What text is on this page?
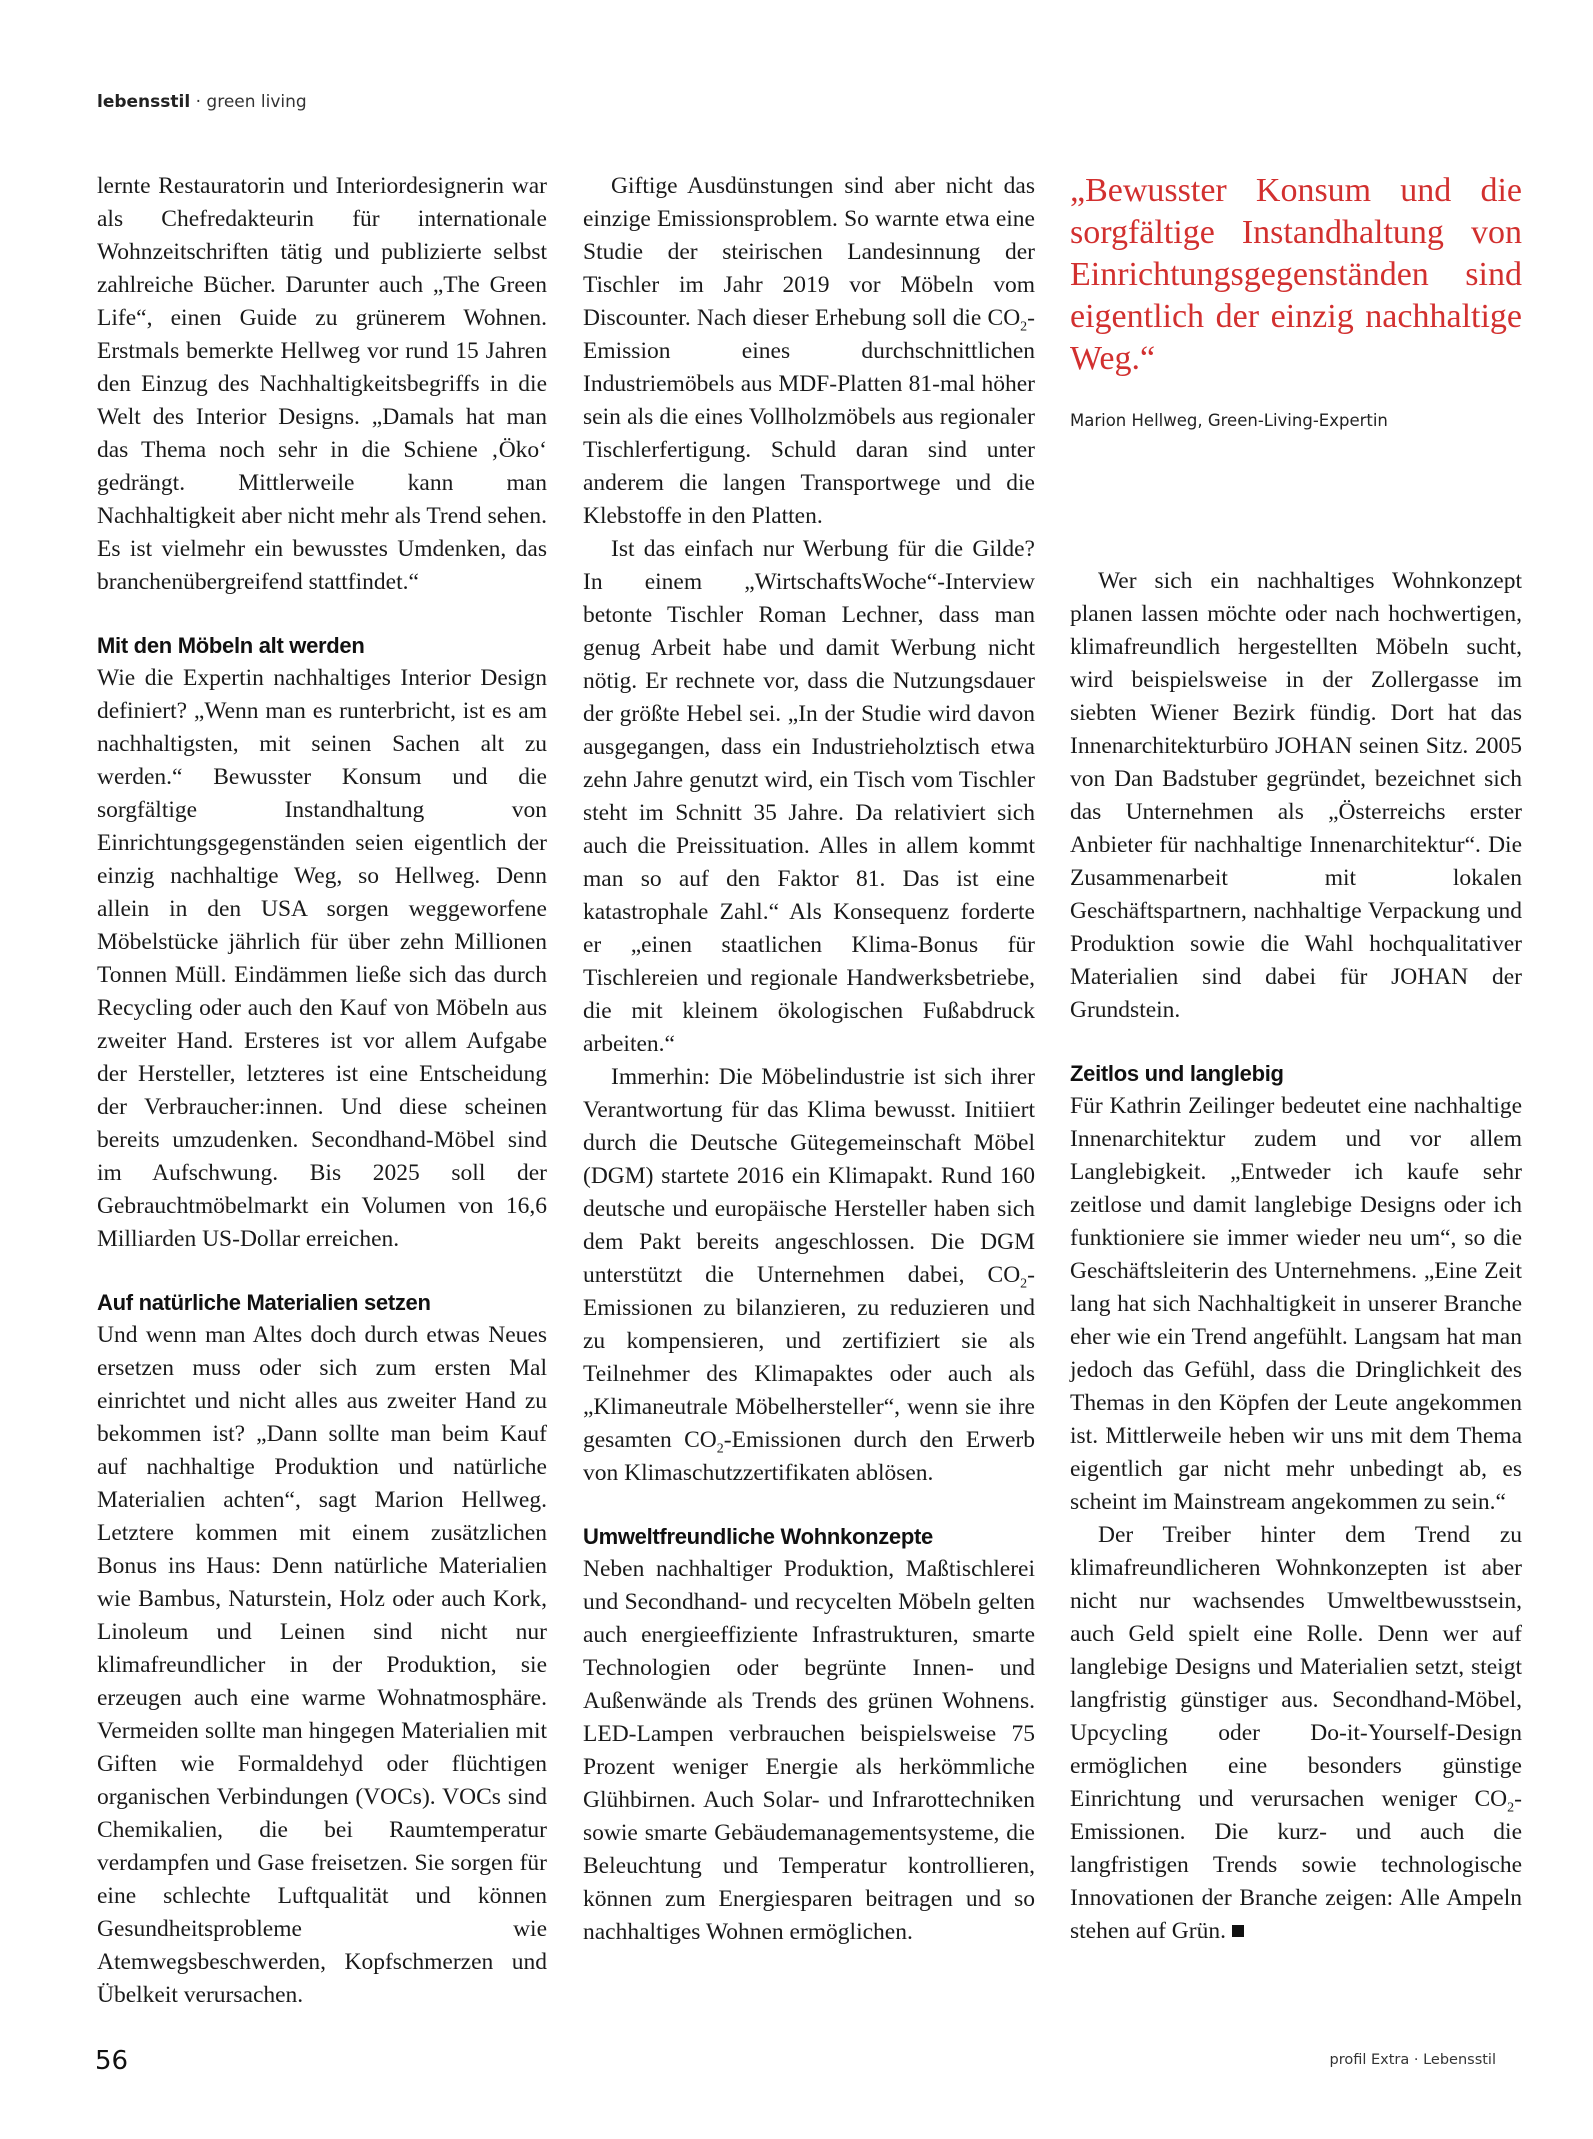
lebensstil · green living

lernte Restauratorin und Interiordesignerin war als Chefredakteurin für internationale Wohnzeitschriften tätig und publizierte selbst zahlreiche Bücher. Darunter auch „The Green Life“, einen Guide zu grünerem Wohnen. Erstmals bemerkte Hellweg vor rund 15 Jahren den Einzug des Nachhaltigkeitsbegriffs in die Welt des Interior Designs. „Damals hat man das Thema noch sehr in die Schiene ‚Öko‘ gedrängt. Mittlerweile kann man Nachhaltigkeit aber nicht mehr als Trend sehen. Es ist vielmehr ein bewusstes Umdenken, das branchenübergreifend stattfindet.“

Mit den Möbeln alt werden

Wie die Expertin nachhaltiges Interior Design definiert? „Wenn man es runterbricht, ist es am nachhaltigsten, mit seinen Sachen alt zu werden.“ Bewusster Konsum und die sorgfältige Instandhaltung von Einrichtungsgegenständen seien eigentlich der einzig nachhaltige Weg, so Hellweg. Denn allein in den USA sorgen weggeworfene Möbelstücke jährlich für über zehn Millionen Tonnen Müll. Eindämmen ließe sich das durch Recycling oder auch den Kauf von Möbeln aus zweiter Hand. Ersteres ist vor allem Aufgabe der Hersteller, letzteres ist eine Entscheidung der Verbraucher:innen. Und diese scheinen bereits umzudenken. Secondhand-Möbel sind im Aufschwung. Bis 2025 soll der Gebrauchtmöbelmarkt ein Volumen von 16,6 Milliarden US-Dollar erreichen.

Auf natürliche Materialien setzen

Und wenn man Altes doch durch etwas Neues ersetzen muss oder sich zum ersten Mal einrichtet und nicht alles aus zweiter Hand zu bekommen ist? „Dann sollte man beim Kauf auf nachhaltige Produktion und natürliche Materialien achten“, sagt Marion Hellweg. Letztere kommen mit einem zusätzlichen Bonus ins Haus: Denn natürliche Materialien wie Bambus, Naturstein, Holz oder auch Kork, Linoleum und Leinen sind nicht nur klimafreundlicher in der Produktion, sie erzeugen auch eine warme Wohnatmosphäre. Vermeiden sollte man hingegen Materialien mit Giften wie Formaldehyd oder flüchtigen organischen Verbindungen (VOCs). VOCs sind Chemikalien, die bei Raumtemperatur verdampfen und Gase freisetzen. Sie sorgen für eine schlechte Luftqualität und können Gesundheitsprobleme wie Atemwegsbeschwerden, Kopfschmerzen und Übelkeit verursachen.

Giftige Ausdünstungen sind aber nicht das einzige Emissionsproblem. So warnte etwa eine Studie der steirischen Landesinnung der Tischler im Jahr 2019 vor Möbeln vom Discounter. Nach dieser Erhebung soll die $CO_2$-Emission eines durchschnittlichen Industriemöbels aus MDF-Platten 81-mal höher sein als die eines Vollholzmöbels aus regionaler Tischlerfertigung. Schuld daran sind unter anderem die langen Transportwege und die Klebstoffe in den Platten.

Ist das einfach nur Werbung für die Gilde? In einem „WirtschaftsWoche“-Interview betonte Tischler Roman Lechner, dass man genug Arbeit habe und damit Werbung nicht nötig. Er rechnete vor, dass die Nutzungsdauer der größte Hebel sei. „In der Studie wird davon ausgegangen, dass ein Industrieholztisch etwa zehn Jahre genutzt wird, ein Tisch vom Tischler steht im Schnitt 35 Jahre. Da relativiert sich auch die Preissituation. Alles in allem kommt man so auf den Faktor 81. Das ist eine katastrophale Zahl.“ Als Konsequenz forderte er „einen staatlichen Klima-Bonus für Tischlereien und regionale Handwerksbetriebe, die mit kleinem ökologischen Fußabdruck arbeiten.“

Immerhin: Die Möbelindustrie ist sich ihrer Verantwortung für das Klima bewusst. Initiiert durch die Deutsche Gütegemeinschaft Möbel (DGM) startete 2016 ein Klimapakt. Rund 160 deutsche und europäische Hersteller haben sich dem Pakt bereits angeschlossen. Die DGM unterstützt die Unternehmen dabei, $CO_2$-Emissionen zu bilanzieren, zu reduzieren und zu kompensieren, und zertifiziert sie als Teilnehmer des Klimapaktes oder auch als „Klimaneutrale Möbelhersteller“, wenn sie ihre gesamten $CO_2$-Emissionen durch den Erwerb von Klimaschutzzertifikaten ablösen.

Umweltfreundliche Wohnkonzepte

Neben nachhaltiger Produktion, Maßtischlerei und Secondhand- und recycelten Möbeln gelten auch energieeffiziente Infrastrukturen, smarte Technologien oder begrünte Innen- und Außenwände als Trends des grünen Wohnens. LED-Lampen verbrauchen beispielsweise 75 Prozent weniger Energie als herkömmliche Glühbirnen. Auch Solar- und Infrarottechniken sowie smarte Gebäudemanagementsysteme, die Beleuchtung und Temperatur kontrollieren, können zum Energiesparen beitragen und so nachhaltiges Wohnen ermöglichen.

„Bewusster Konsum und die sorgfältige Instandhaltung von Einrichtungsgegenständen sind eigentlich der einzig nachhaltige Weg.“

Marion Hellweg, Green-Living-Expertin

Wer sich ein nachhaltiges Wohnkonzept planen lassen möchte oder nach hochwertigen, klimafreundlich hergestellten Möbeln sucht, wird beispielsweise in der Zollergasse im siebten Wiener Bezirk fündig. Dort hat das Innenarchitekturbüro JOHAN seinen Sitz. 2005 von Dan Badstuber gegründet, bezeichnet sich das Unternehmen als „Österreichs erster Anbieter für nachhaltige Innenarchitektur“. Die Zusammenarbeit mit lokalen Geschäftspartnern, nachhaltige Verpackung und Produktion sowie die Wahl hochqualitativer Materialien sind dabei für JOHAN der Grundstein.

Zeitlos und langlebig

Für Kathrin Zeilinger bedeutet eine nachhaltige Innenarchitektur zudem und vor allem Langlebigkeit. „Entweder ich kaufe sehr zeitlose und damit langlebige Designs oder ich funktioniere sie immer wieder neu um“, so die Geschäftsleiterin des Unternehmens. „Eine Zeit lang hat sich Nachhaltigkeit in unserer Branche eher wie ein Trend angefühlt. Langsam hat man jedoch das Gefühl, dass die Dringlichkeit des Themas in den Köpfen der Leute angekommen ist. Mittlerweile heben wir uns mit dem Thema eigentlich gar nicht mehr unbedingt ab, es scheint im Mainstream angekommen zu sein.“

Der Treiber hinter dem Trend zu klimafreundlicheren Wohnkonzepten ist aber nicht nur wachsendes Umweltbewusstsein, auch Geld spielt eine Rolle. Denn wer auf langlebige Designs und Materialien setzt, steigt langfristig günstiger aus. Secondhand-Möbel, Upcycling oder Do-it-Yourself-Design ermöglichen eine besonders günstige Einrichtung und verursachen weniger $CO_2$-Emissionen. Die kurz- und auch die langfristigen Trends sowie technologische Innovationen der Branche zeigen: Alle Ampeln stehen auf Grün.

56	profil Extra · Lebensstil
